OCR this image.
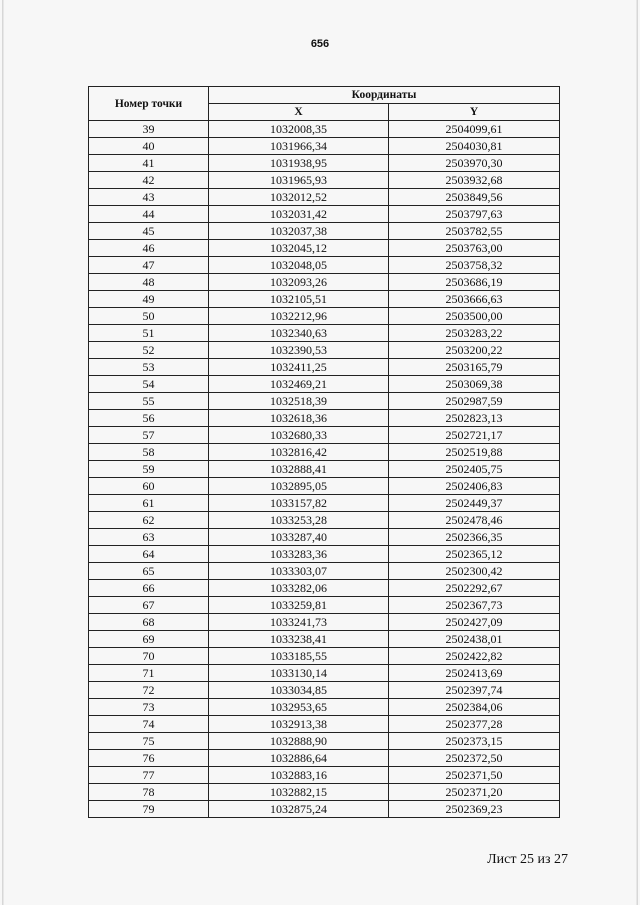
656
Номер точки	Координаты	
	X	Y
39	1032008,35	2504099,61
40	1031966,34	2504030,81
41	1031938,95	2503970,30
42	1031965,93	2503932,68
43	1032012,52	2503849,56
44	1032031,42	2503797,63
45	1032037,38	2503782,55
46	1032045,12	2503763,00
47	1032048,05	2503758,32
48	1032093,26	2503686,19
49	1032105,51	2503666,63
50	1032212,96	2503500,00
51	1032340,63	2503283,22
52	1032390,53	2503200,22
53	1032411,25	2503165,79
54	1032469,21	2503069,38
55	1032518,39	2502987,59
56	1032618,36	2502823,13
57	1032680,33	2502721,17
58	1032816,42	2502519,88
59	1032888,41	2502405,75
60	1032895,05	2502406,83
61	1033157,82	2502449,37
62	1033253,28	2502478,46
63	1033287,40	2502366,35
64	1033283,36	2502365,12
65	1033303,07	2502300,42
66	1033282,06	2502292,67
67	1033259,81	2502367,73
68	1033241,73	2502427,09
69	1033238,41	2502438,01
70	1033185,55	2502422,82
71	1033130,14	2502413,69
72	1033034,85	2502397,74
73	1032953,65	2502384,06
74	1032913,38	2502377,28
75	1032888,90	2502373,15
76	1032886,64	2502372,50
77	1032883,16	2502371,50
78	1032882,15	2502371,20
79	1032875,24	2502369,23
Лист 25 из 27
